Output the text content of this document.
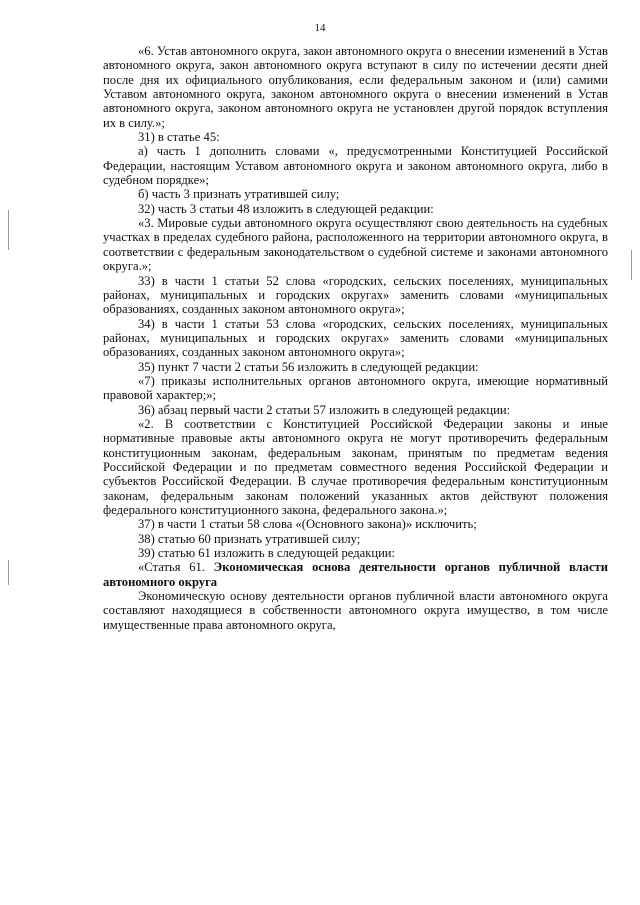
14

«6. Устав автономного округа, закон автономного округа о внесении изменений в Устав автономного округа, закон автономного округа вступают в силу по истечении десяти дней после дня их официального опубликования, если федеральным законом и (или) самими Уставом автономного округа, законом автономного округа о внесении изменений в Устав автономного округа, законом автономного округа не установлен другой порядок вступления их в силу.»;

31) в статье 45:

а) часть 1 дополнить словами «, предусмотренными Конституцией Российской Федерации, настоящим Уставом автономного округа и законом автономного округа, либо в судебном порядке»;

б) часть 3 признать утратившей силу;

32) часть 3 статьи 48 изложить в следующей редакции:

«3. Мировые судьи автономного округа осуществляют свою деятельность на судебных участках в пределах судебного района, расположенного на территории автономного округа, в соответствии с федеральным законодательством о судебной системе и законами автономного округа.»;

33) в части 1 статьи 52 слова «городских, сельских поселениях, муниципальных районах, муниципальных и городских округах» заменить словами «муниципальных образованиях, созданных законом автономного округа»;

34) в части 1 статьи 53 слова «городских, сельских поселениях, муниципальных районах, муниципальных и городских округах» заменить словами «муниципальных образованиях, созданных законом автономного округа»;

35) пункт 7 части 2 статьи 56 изложить в следующей редакции:

«7) приказы исполнительных органов автономного округа, имеющие нормативный правовой характер;»;

36) абзац первый части 2 статьи 57 изложить в следующей редакции:

«2. В соответствии с Конституцией Российской Федерации законы и иные нормативные правовые акты автономного округа не могут противоречить федеральным конституционным законам, федеральным законам, принятым по предметам ведения Российской Федерации и по предметам совместного ведения Российской Федерации и субъектов Российской Федерации. В случае противоречия федеральным конституционным законам, федеральным законам положений указанных актов действуют положения федерального конституционного закона, федерального закона.»;

37) в части 1 статьи 58 слова «(Основного закона)» исключить;

38) статью 60 признать утратившей силу;

39) статью 61 изложить в следующей редакции:

«Статья 61. Экономическая основа деятельности органов публичной власти автономного округа

Экономическую основу деятельности органов публичной власти автономного округа составляют находящиеся в собственности автономного округа имущество, в том числе имущественные права автономного округа,
